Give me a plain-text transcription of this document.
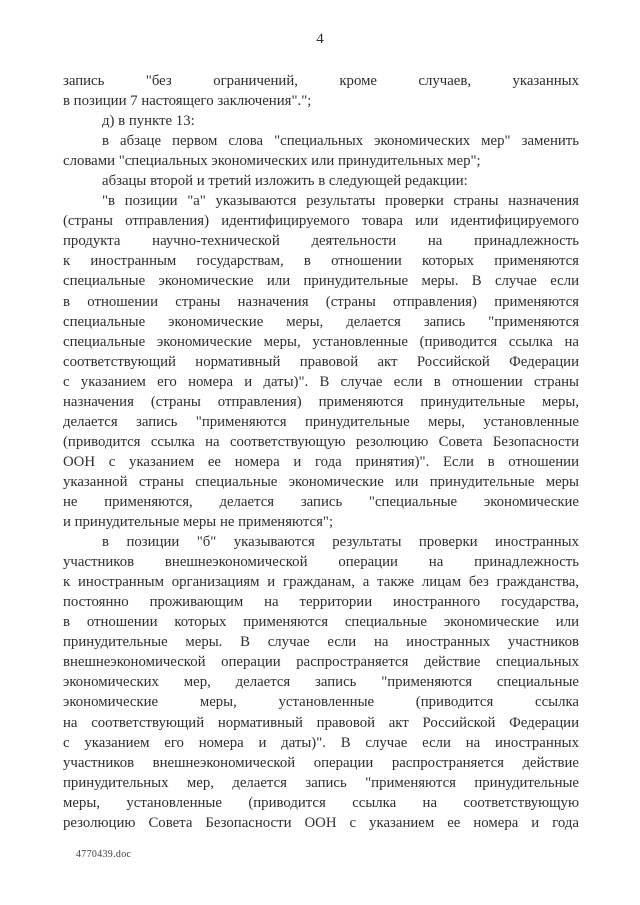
4
запись "без ограничений, кроме случаев, указанных
в позиции 7 настоящего заключения".";
д) в пункте 13:
в абзаце первом слова "специальных экономических мер" заменить
словами "специальных экономических или принудительных мер";
абзацы второй и третий изложить в следующей редакции:
"в позиции "а" указываются результаты проверки страны назначения
(страны отправления) идентифицируемого товара или идентифицируемого
продукта научно-технической деятельности на принадлежность
к иностранным государствам, в отношении которых применяются
специальные экономические или принудительные меры. В случае если
в отношении страны назначения (страны отправления) применяются
специальные экономические меры, делается запись "применяются
специальные экономические меры, установленные (приводится ссылка на
соответствующий нормативный правовой акт Российской Федерации
с указанием его номера и даты)". В случае если в отношении страны
назначения (страны отправления) применяются принудительные меры,
делается запись "применяются принудительные меры, установленные
(приводится ссылка на соответствующую резолюцию Совета Безопасности
ООН с указанием ее номера и года принятия)". Если в отношении
указанной страны специальные экономические или принудительные меры
не применяются, делается запись "специальные экономические
и принудительные меры не применяются";
в позиции "б" указываются результаты проверки иностранных
участников внешнеэкономической операции на принадлежность
к иностранным организациям и гражданам, а также лицам без гражданства,
постоянно проживающим на территории иностранного государства,
в отношении которых применяются специальные экономические или
принудительные меры. В случае если на иностранных участников
внешнеэкономической операции распространяется действие специальных
экономических мер, делается запись "применяются специальные
экономические меры, установленные (приводится ссылка
на соответствующий нормативный правовой акт Российской Федерации
с указанием его номера и даты)". В случае если на иностранных
участников внешнеэкономической операции распространяется действие
принудительных мер, делается запись "применяются принудительные
меры, установленные (приводится ссылка на соответствующую
резолюцию Совета Безопасности ООН с указанием ее номера и года
4770439.doc
